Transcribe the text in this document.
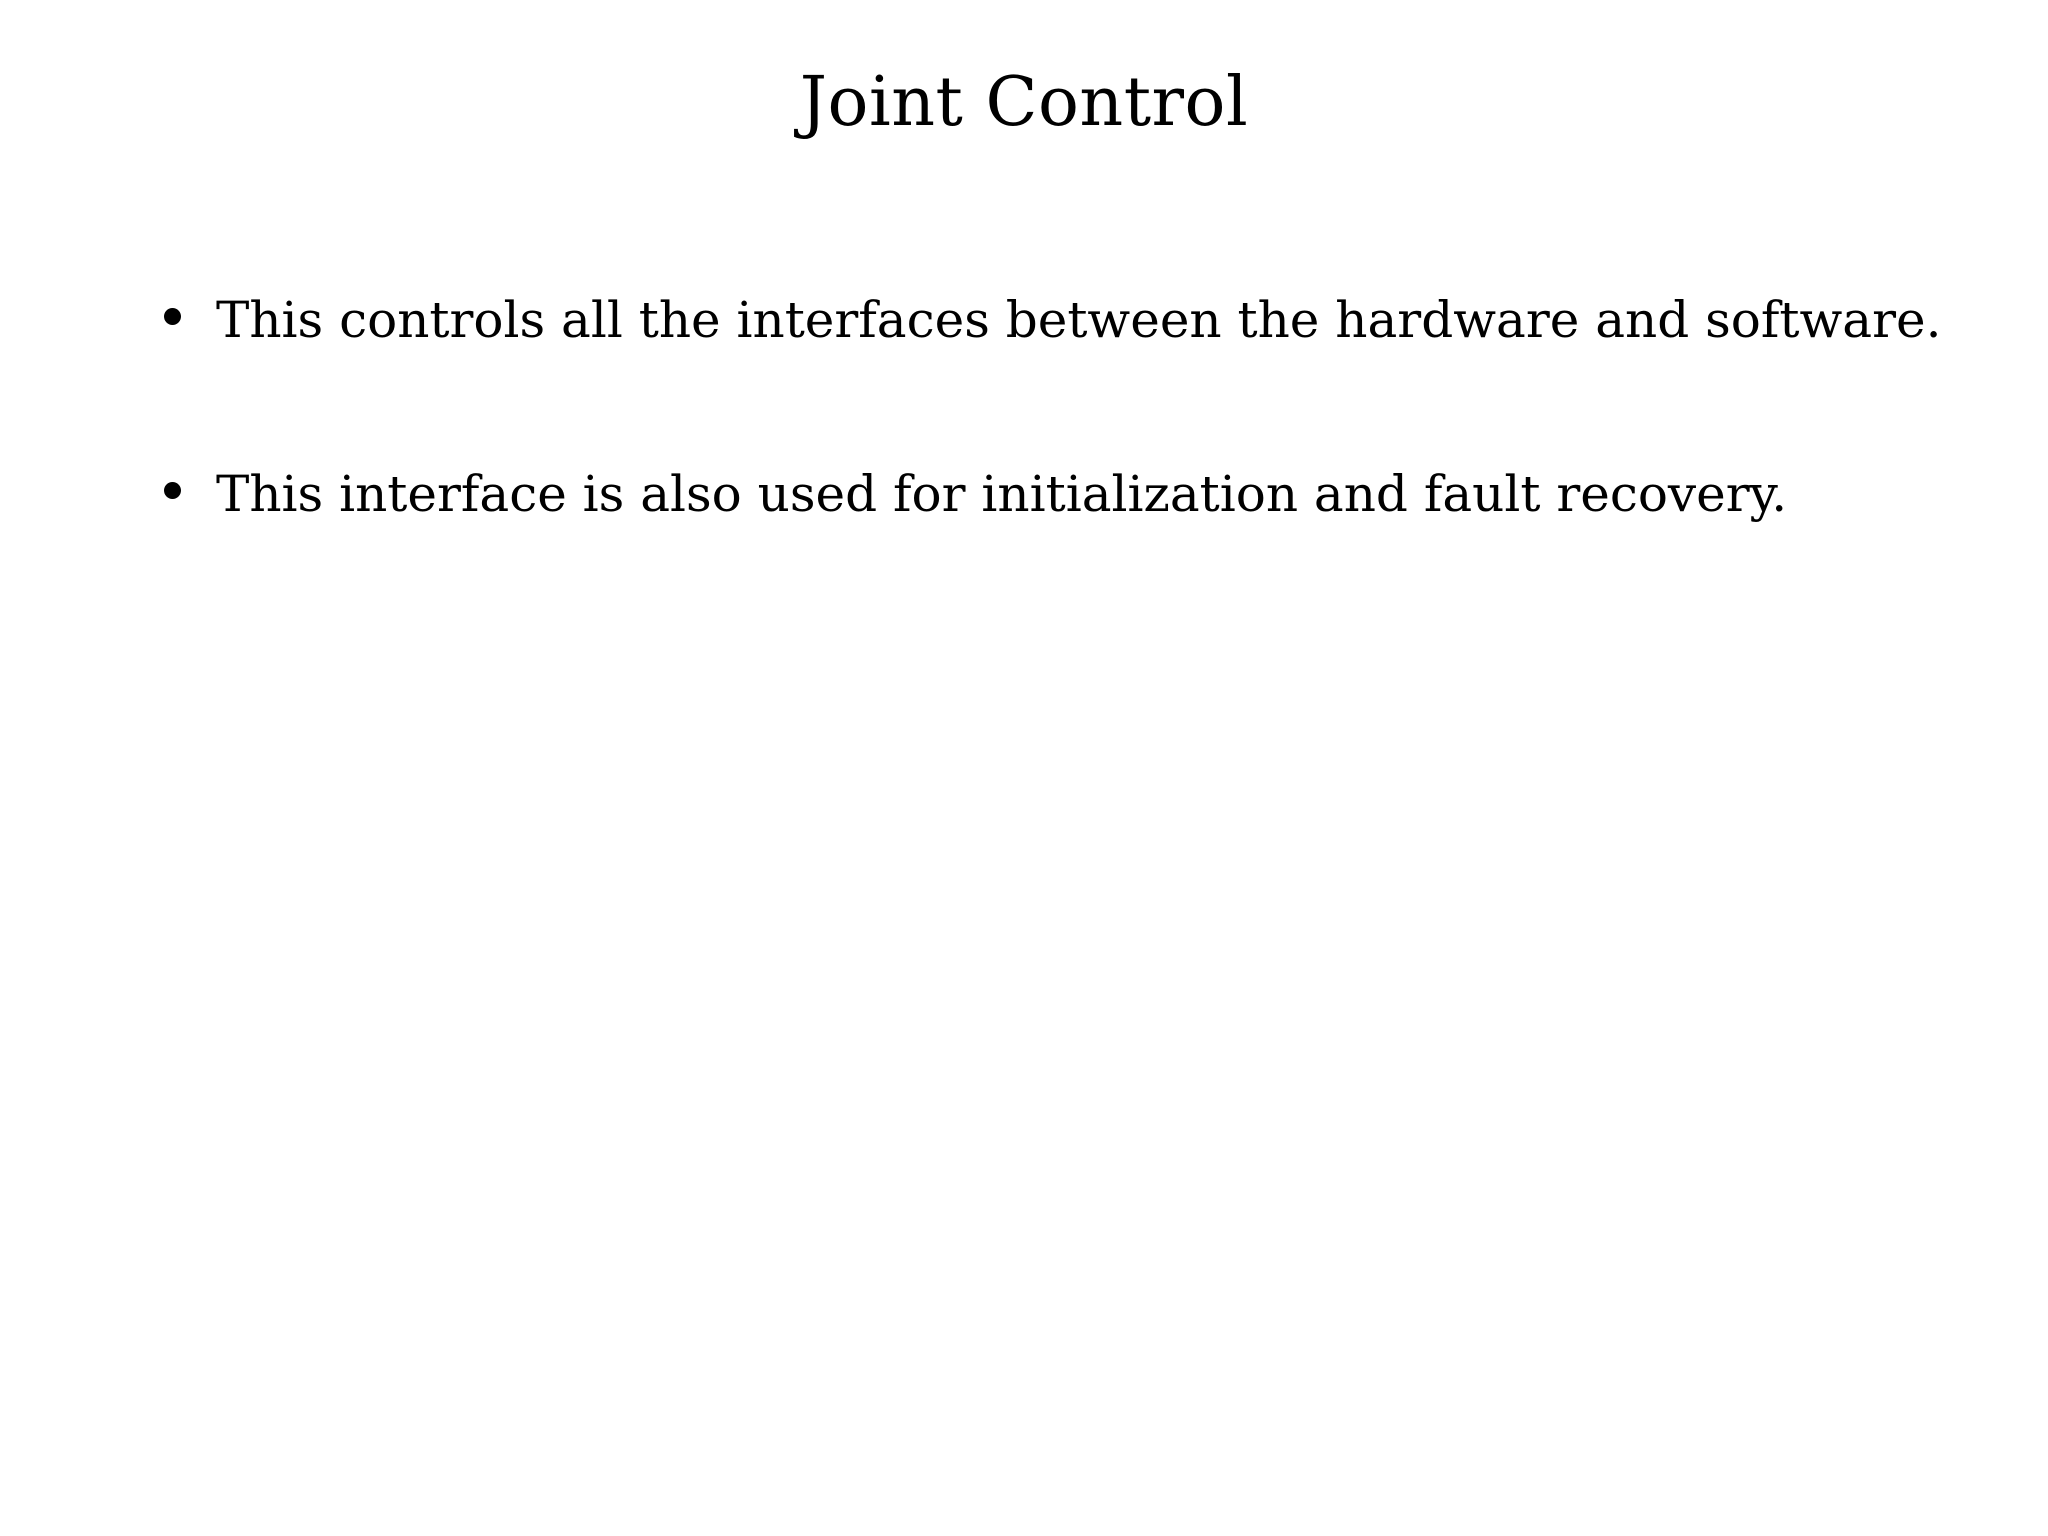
Joint Control
This controls all the interfaces between the hardware and software.
This interface is also used for initialization and fault recovery.
